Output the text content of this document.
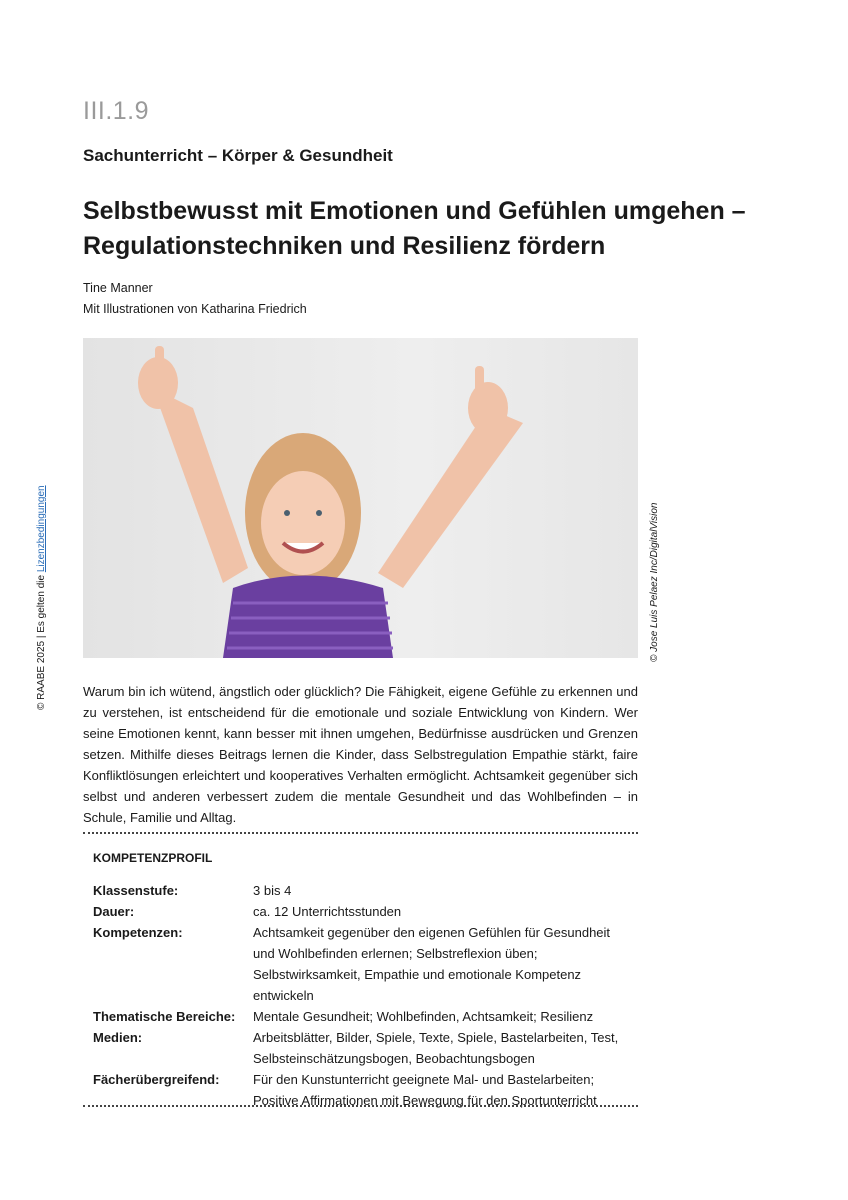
III.1.9
Sachunterricht – Körper & Gesundheit
Selbstbewusst mit Emotionen und Gefühlen umgehen – Regulationstechniken und Resilienz fördern
Tine Manner
Mit Illustrationen von Katharina Friedrich
© RAABE 2025 | Es gelten die Lizenzbedingungen	© Jose Luis Pelaez Inc/DigitalVision
Warum bin ich wütend, ängstlich oder glücklich? Die Fähigkeit, eigene Gefühle zu erkennen und zu verstehen, ist entscheidend für die emotionale und soziale Entwicklung von Kindern. Wer seine Emotionen kennt, kann besser mit ihnen umgehen, Bedürfnisse ausdrücken und Grenzen setzen. Mithilfe dieses Beitrags lernen die Kinder, dass Selbstregulation Empathie stärkt, faire Konfliktlösungen erleichtert und kooperatives Verhalten ermöglicht. Achtsamkeit gegenüber sich selbst und anderen verbessert zudem die mentale Gesundheit und das Wohlbefinden – in Schule, Familie und Alltag.
KOMPETENZPROFIL
Klassenstufe:	3 bis 4
Dauer:	ca. 12 Unterrichtsstunden
Kompetenzen:	Achtsamkeit gegenüber den eigenen Gefühlen für Gesundheit und Wohlbefinden erlernen; Selbstreflexion üben; Selbstwirksamkeit, Empathie und emotionale Kompetenz entwickeln
Thematische Bereiche:	Mentale Gesundheit; Wohlbefinden, Achtsamkeit; Resilienz
Medien:	Arbeitsblätter, Bilder, Spiele, Texte, Spiele, Bastelarbeiten, Test, Selbsteinschätzungsbogen, Beobachtungsbogen
Fächerübergreifend:	Für den Kunstunterricht geeignete Mal- und Bastelarbeiten; Positive Affirmationen mit Bewegung für den Sportunterricht
